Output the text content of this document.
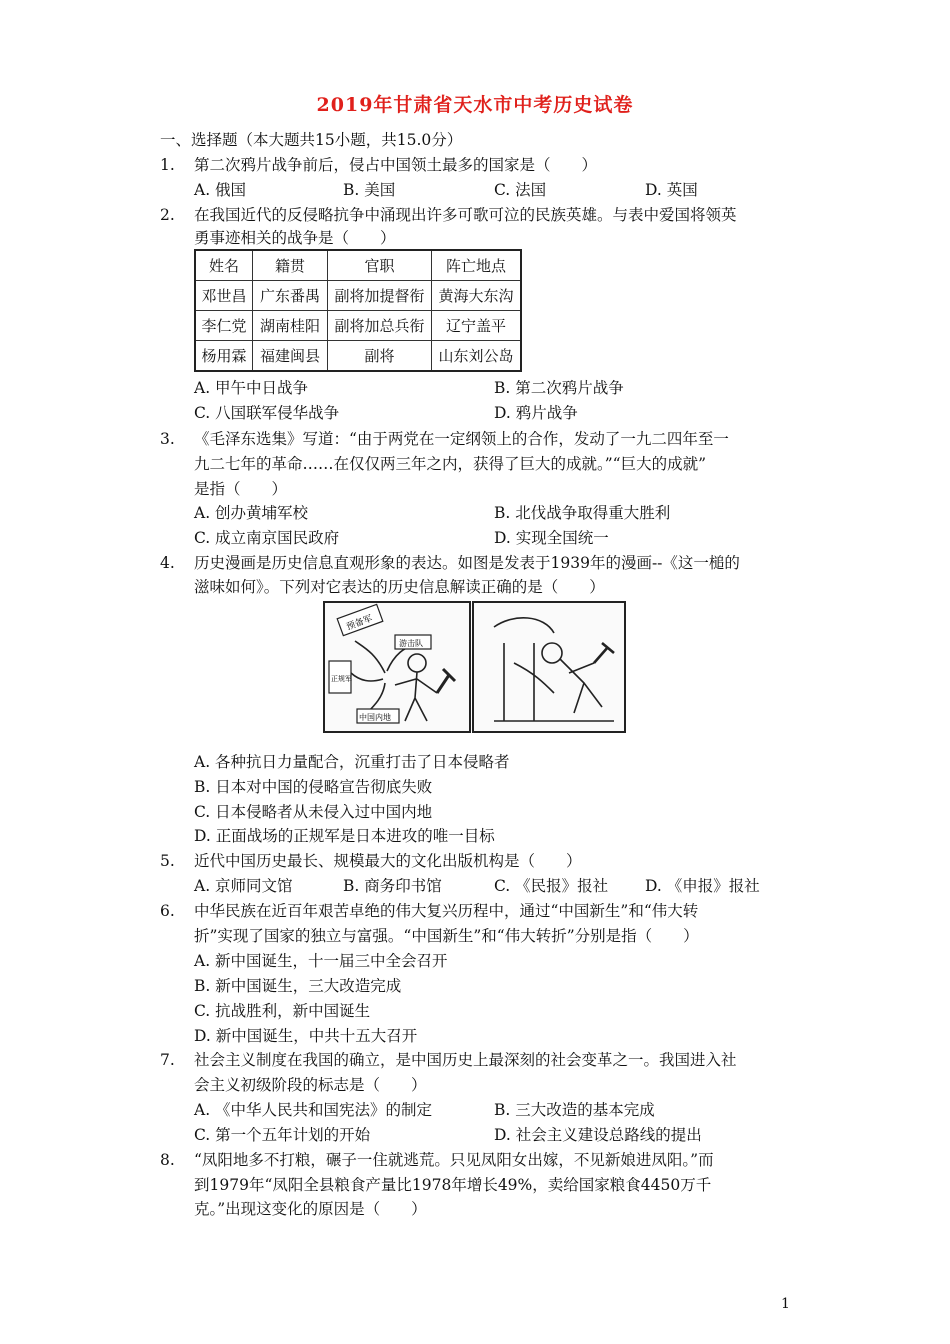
2019年甘肃省天水市中考历史试卷
一、选择题（本大题共15小题，共15.0分）
1. 第二次鸦片战争前后，侵占中国领土最多的国家是（　　）
A. 俄国	B. 美国	C. 法国	D. 英国
2. 在我国近代的反侵略抗争中涌现出许多可歌可泣的民族英雄。与表中爱国将领英
勇事迹相关的战争是（　　）
姓名	籍贯	官职	阵亡地点
邓世昌	广东番禺	副将加提督衔	黄海大东沟
李仁党	湖南桂阳	副将加总兵衔	辽宁盖平
杨用霖	福建闽县	副将	山东刘公岛
A. 甲午中日战争	B. 第二次鸦片战争
C. 八国联军侵华战争	D. 鸦片战争
3. 《毛泽东选集》写道：“由于两党在一定纲领上的合作，发动了一九二四年至一
九二七年的革命……在仅仅两三年之内，获得了巨大的成就。”“巨大的成就”
是指（　　）
A. 创办黄埔军校	B. 北伐战争取得重大胜利
C. 成立南京国民政府	D. 实现全国统一
4. 历史漫画是历史信息直观形象的表达。如图是发表于1939年的漫画--《这一槌的
滋味如何》。下列对它表达的历史信息解读正确的是（　　）
预备军
游击队
正规军
中国内地
A. 各种抗日力量配合，沉重打击了日本侵略者
B. 日本对中国的侵略宣告彻底失败
C. 日本侵略者从未侵入过中国内地
D. 正面战场的正规军是日本进攻的唯一目标
5. 近代中国历史最长、规模最大的文化出版机构是（　　）
A. 京师同文馆	B. 商务印书馆	C. 《民报》报社 D. 《申报》报社
6. 中华民族在近百年艰苦卓绝的伟大复兴历程中，通过“中国新生”和“伟大转
折”实现了国家的独立与富强。“中国新生”和“伟大转折”分别是指（　　）
A. 新中国诞生，十一届三中全会召开
B. 新中国诞生，三大改造完成
C. 抗战胜利，新中国诞生
D. 新中国诞生，中共十五大召开
7. 社会主义制度在我国的确立，是中国历史上最深刻的社会变革之一。我国进入社
会主义初级阶段的标志是（　　）
A. 《中华人民共和国宪法》的制定	B. 三大改造的基本完成
C. 第一个五年计划的开始	D. 社会主义建设总路线的提出
8. “凤阳地多不打粮，碾子一住就逃荒。只见凤阳女出嫁，不见新娘进凤阳。”而
到1979年“凤阳全县粮食产量比1978年增长49%，卖给国家粮食4450万千
克。”出现这变化的原因是（　　）
1
